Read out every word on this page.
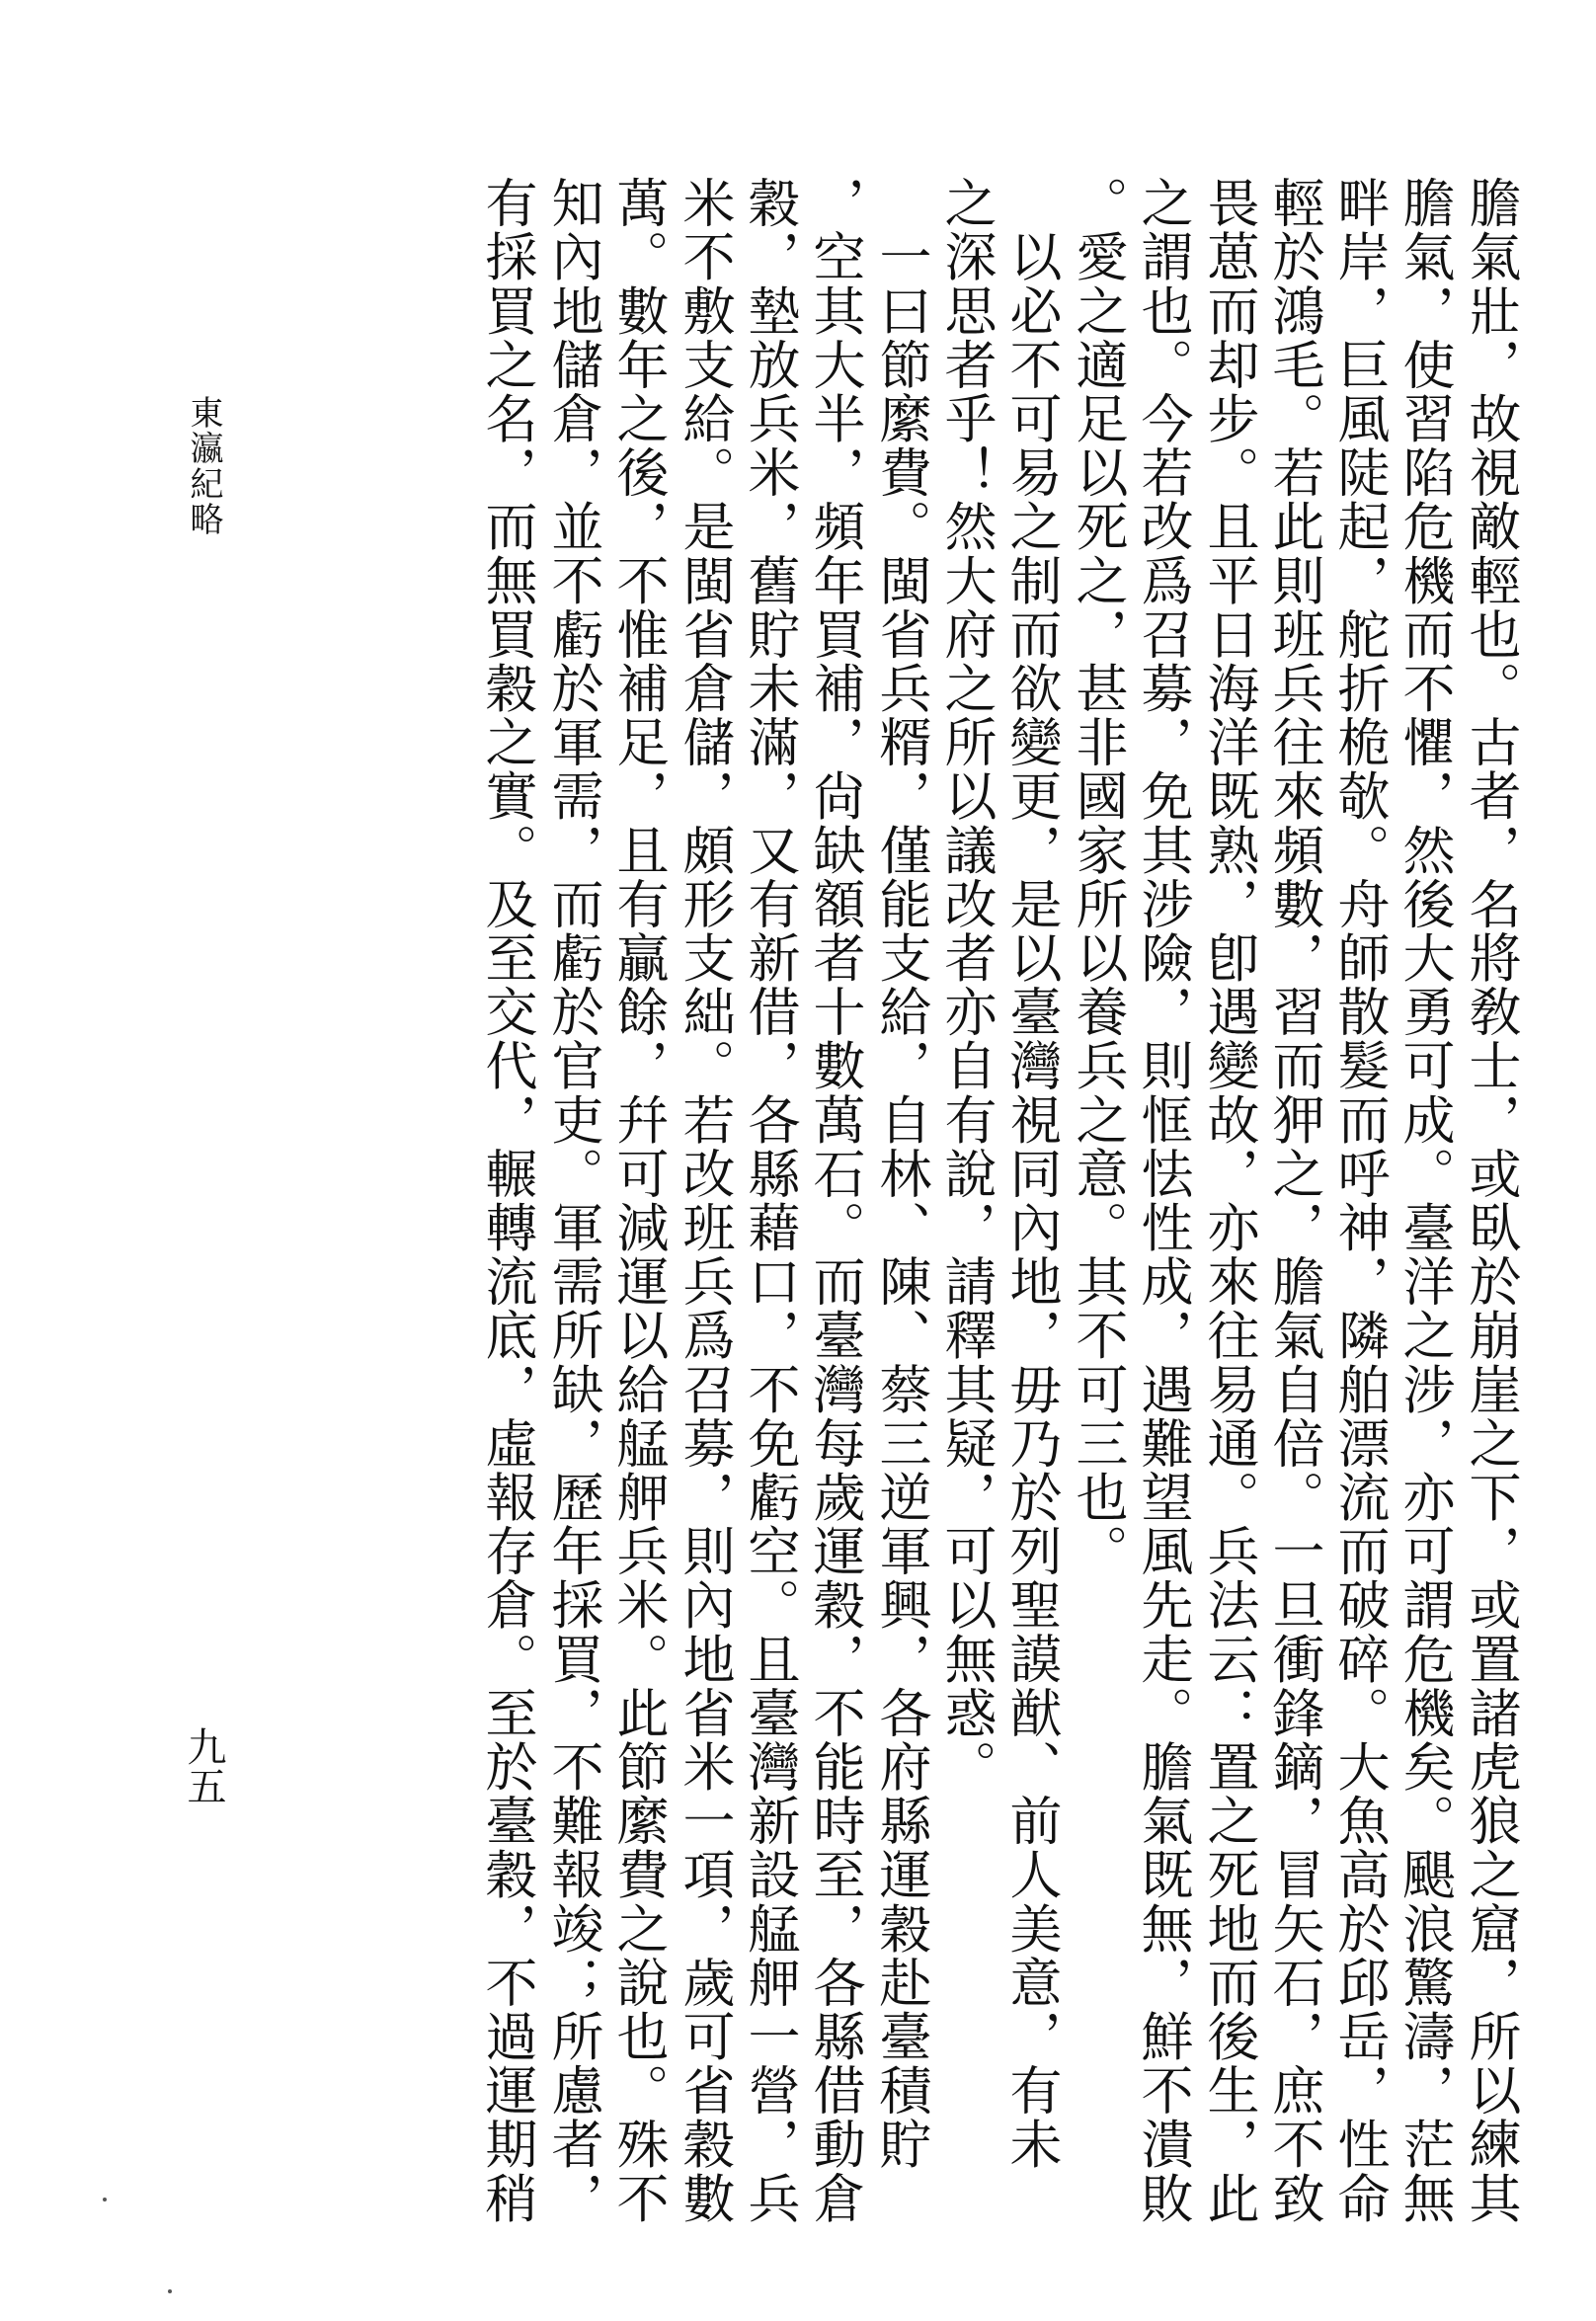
東瀛紀略
九五	膽氣壯，故視敵輕也。古者，名將敎士，或臥於崩崖之下，或置諸虎狼之窟，所以練其
膽氣，使習陷危機而不懼，然後大勇可成。臺洋之涉，亦可謂危機矣。颶浪驚濤，茫無
畔岸，巨風陡起，舵折桅欹。舟師散髮而呼神，隣舶漂流而破碎。大魚高於邱岳，性命
輕於鴻毛。若此則班兵往來頻數，習而狎之，膽氣自倍。一旦衝鋒鏑，冒矢石，庶不致
畏葸而却步。且平日海洋既熟，卽遇變故，亦來往易通。兵法云：置之死地而後生，此
之謂也。今若改爲召募，免其涉險，則恇怯性成，遇難望風先走。膽氣既無，鮮不潰敗
。愛之適足以死之，甚非國家所以養兵之意。其不可三也。
　以必不可易之制而欲變更，是以臺灣視同內地，毋乃於列聖謨猷、前人美意，有未
之深思者乎！然大府之所以議改者亦自有說，請釋其疑，可以無惑。
　一曰節縻費。閩省兵糈，僅能支給，自林、陳、蔡三逆軍興，各府縣運穀赴臺積貯
，空其大半，頻年買補，尙缺額者十數萬石。而臺灣每歲運穀，不能時至，各縣借動倉
穀，墊放兵米，舊貯未滿，又有新借，各縣藉口，不免虧空。且臺灣新設艋舺一營，兵
米不敷支給。是閩省倉儲，頗形支絀。若改班兵爲召募，則內地省米一項，歲可省穀數
萬。數年之後，不惟補足，且有贏餘，幷可減運以給艋舺兵米。此節縻費之說也。殊不
知內地儲倉，並不虧於軍需，而虧於官吏。軍需所缺，歷年採買，不難報竣；所慮者，
有採買之名，而無買穀之實。及至交代，輾轉流底，虛報存倉。至於臺穀，不過運期稍
